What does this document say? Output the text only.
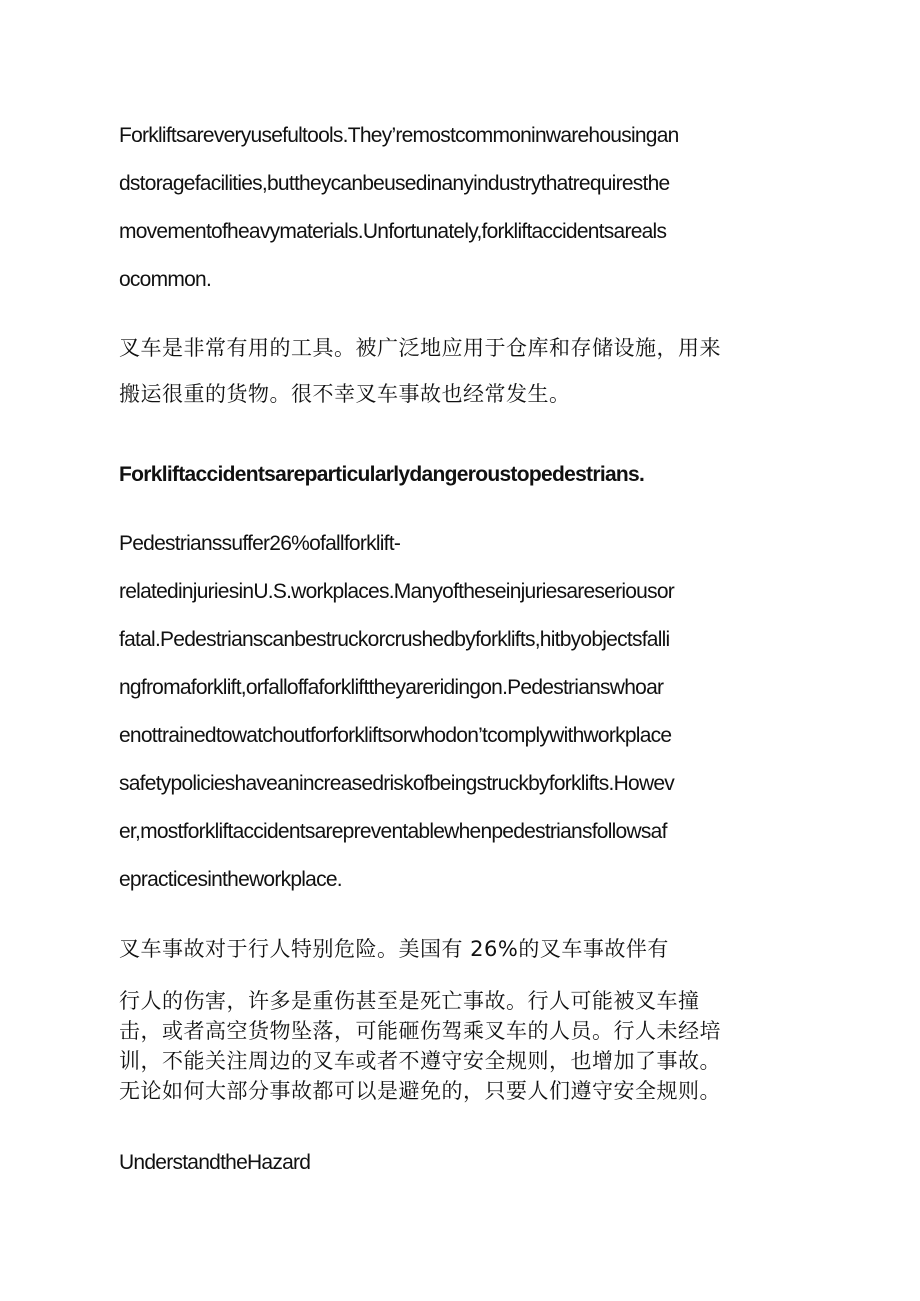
Forkliftsareveryusefultools.They’remostcommoninwarehousingan
dstoragefacilities,buttheycanbeusedinanyindustrythatrequiresthe
movementofheavymaterials.Unfortunately,forkliftaccidentsareals
ocommon.
叉车是非常有用的工具。被广泛地应用于仓库和存储设施，用来
搬运很重的货物。很不幸叉车事故也经常发生。
Forkliftaccidentsareparticularlydangeroustopedestrians.
Pedestrianssuffer26%ofallforklift-
relatedinjuriesinU.S.workplaces.Manyoftheseinjuriesareseriousor
fatal.Pedestrianscanbestruckorcrushedbyforklifts,hitbyobjectsfalli
ngfromaforklift,orfalloffaforklifttheyareridingon.Pedestrianswhoar
enottrainedtowatchoutforforkliftsorwhodon’tcomplywithworkplace
safetypolicieshaveanincreasedriskofbeingstruckbyforklifts.Howev
er,mostforkliftaccidentsarepreventablewhenpedestriansfollowsaf
epracticesintheworkplace.
叉车事故对于行人特别危险。美国有 26%的叉车事故伴有
行人的伤害，许多是重伤甚至是死亡事故。行人可能被叉车撞
击，或者高空货物坠落，可能砸伤驾乘叉车的人员。行人未经培
训，不能关注周边的叉车或者不遵守安全规则，也增加了事故。
无论如何大部分事故都可以是避免的，只要人们遵守安全规则。
UnderstandtheHazard
